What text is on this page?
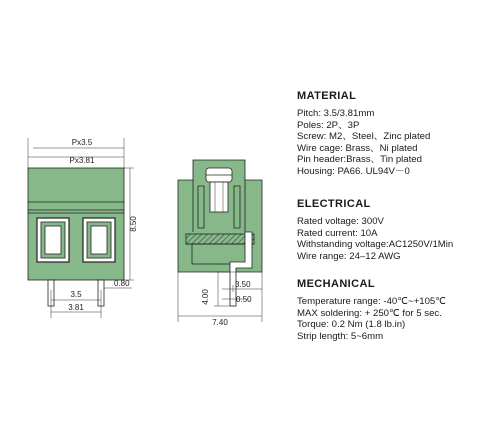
Px3.5
Px3.81
8.50
3.5
3.81
0.80	3.50
0.50
4.00
7.40

MATERIAL

Pitch: 3.5/3.81mm

Poles: 2P、3P

Screw: M2、Steel、Zinc plated

Wire cage: Brass、Ni plated

Pin header:Brass、Tin plated

Housing: PA66. UL94V－0

ELECTRICAL

Rated voltage: 300V

Rated current: 10A

Withstanding voltage:AC1250V/1Min

Wire range: 24–12 AWG

MECHANICAL

Temperature range: -40℃~+105℃

MAX soldering: + 250℃ for 5 sec.

Torque: 0.2 Nm (1.8 lb.in)

Strip length: 5~6mm
